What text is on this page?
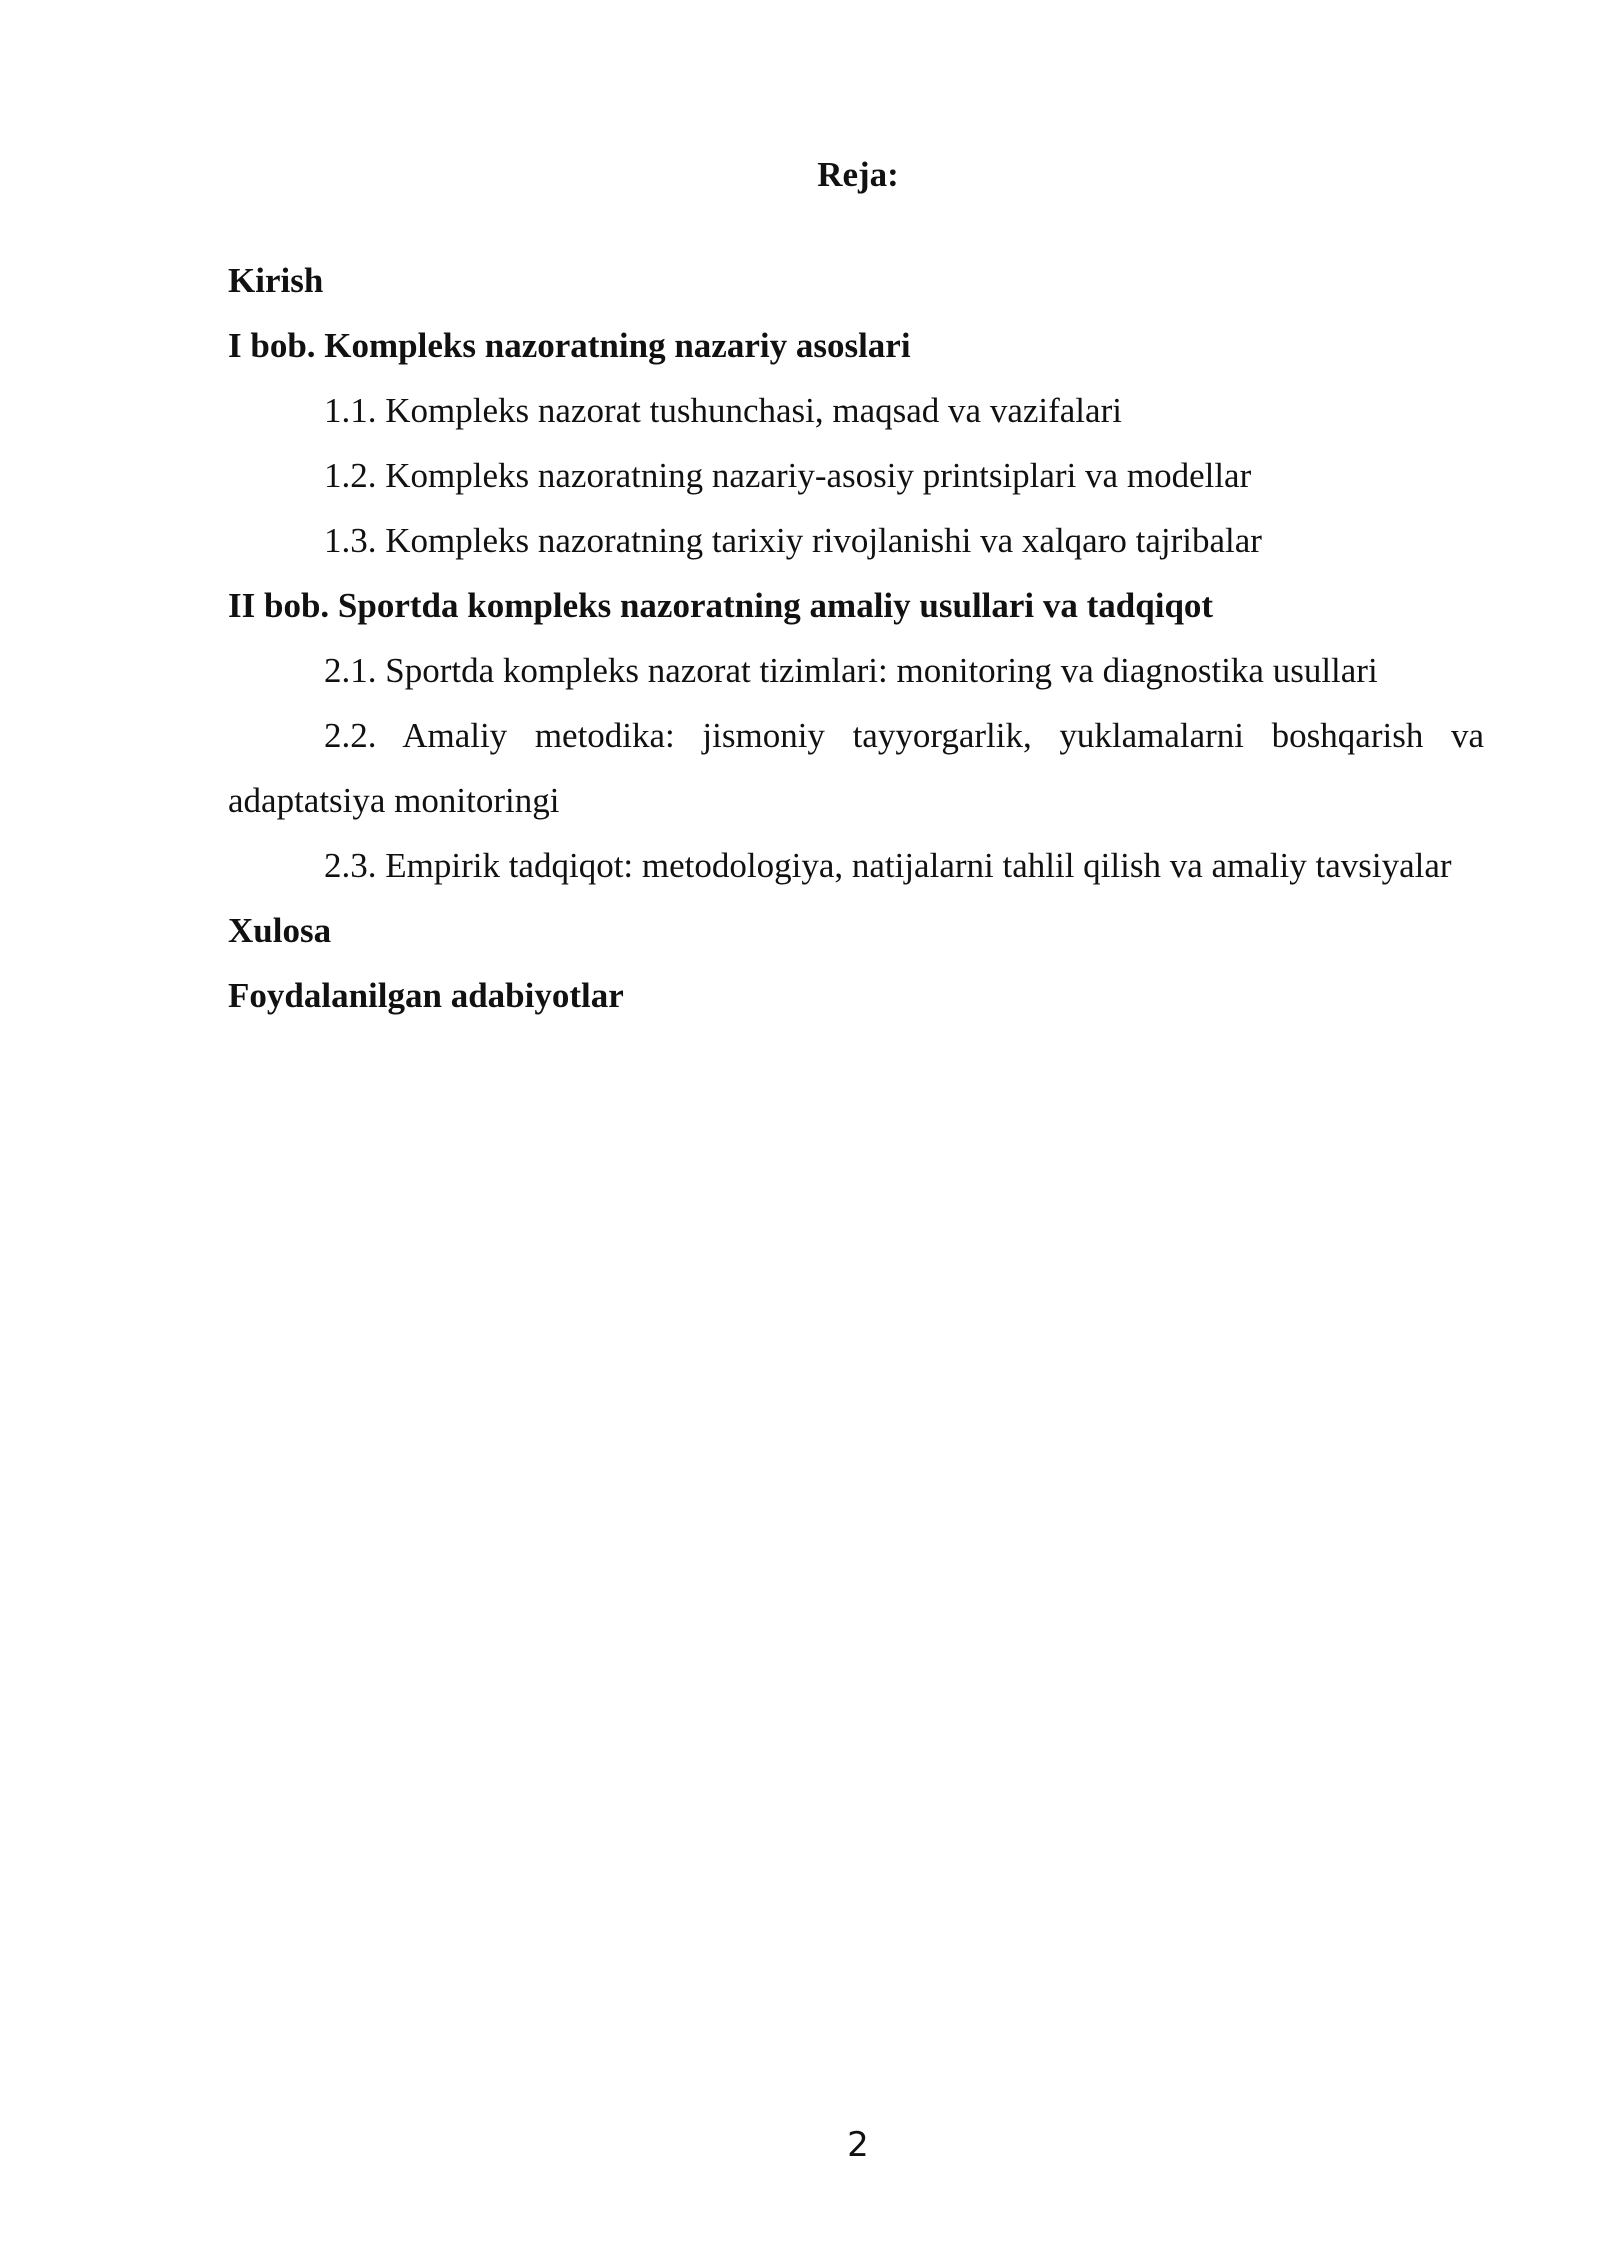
Reja:

Kirish

I bob. Kompleks nazoratning nazariy asoslari

1.1. Kompleks nazorat tushunchasi, maqsad va vazifalari

1.2. Kompleks nazoratning nazariy-asosiy printsiplari va modellar

1.3. Kompleks nazoratning tarixiy rivojlanishi va xalqaro tajribalar

II bob. Sportda kompleks nazoratning amaliy usullari va tadqiqot

2.1. Sportda kompleks nazorat tizimlari: monitoring va diagnostika usullari

2.2. Amaliy metodika: jismoniy tayyorgarlik, yuklamalarni boshqarish va adaptatsiya monitoringi

2.3. Empirik tadqiqot: metodologiya, natijalarni tahlil qilish va amaliy tavsiyalar

Xulosa

Foydalanilgan adabiyotlar

2
